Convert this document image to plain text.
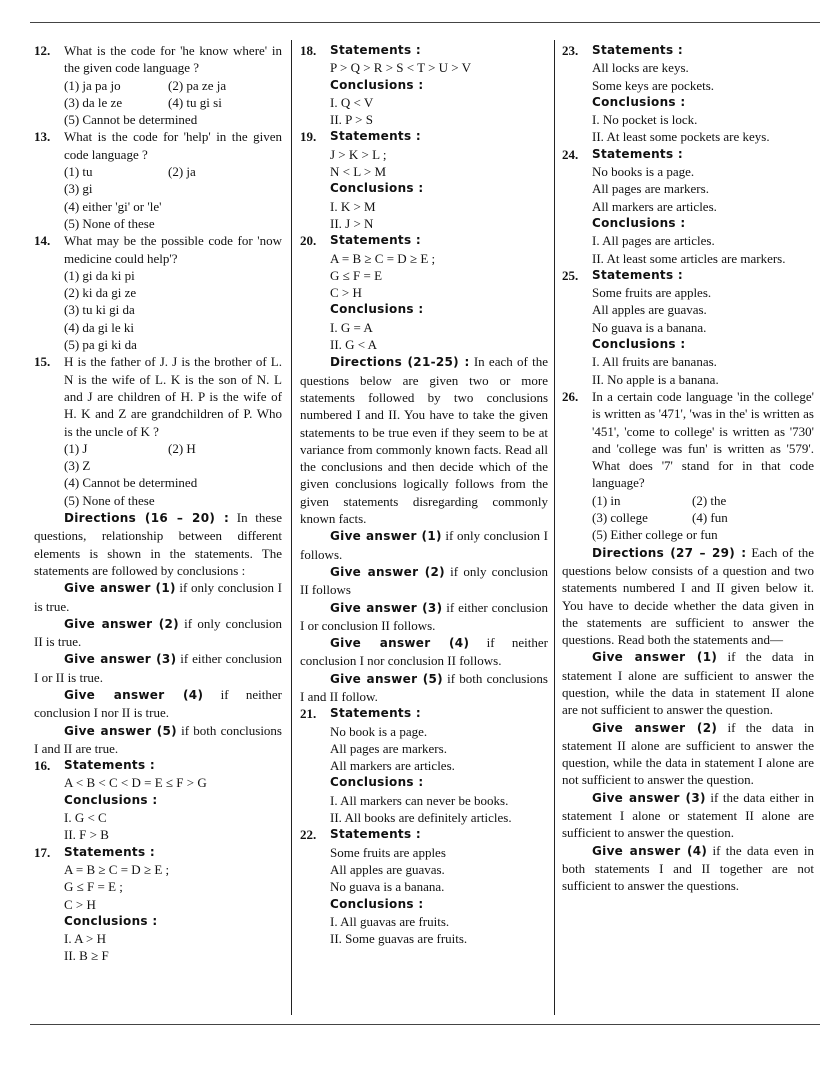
12.	What is the code for 'he know where' in the given code language ?
(1) ja pa jo	(2) pa ze ja
(3) da le ze	(4) tu gi si
(5) Cannot be determined
13.	What is the code for 'help' in the given code language ?
(1) tu	(2) ja
(3) gi
(4) either 'gi' or 'le'
(5) None of these
14.	What may be the possible code for 'now medicine could help'?
(1) gi da ki pi
(2) ki da gi ze
(3) tu ki gi da
(4) da gi le ki
(5) pa gi ki da
15.	H is the father of J. J is the brother of L. N is the wife of L. K is the son of N. L and J are children of H. P is the wife of H. K and Z are grandchildren of P. Who is the uncle of K ?
(1) J	(2) H
(3) Z
(4) Cannot be determined
(5) None of these
Directions (16 – 20) : In these questions, relationship between different elements is shown in the statements. The statements are followed by conclusions :
Give answer (1) if only conclusion I is true.
Give answer (2) if only conclusion II is true.
Give answer (3) if either conclusion I or II is true.
Give answer (4) if neither conclusion I nor II is true.
Give answer (5) if both conclusions I and II are true.
16.	Statements :
A < B < C < D = E ≤ F > G
Conclusions :
I. G < C
II. F > B
17.	Statements :
A = B ≥ C = D ≥ E ;
G ≤ F = E ;
C > H
Conclusions :
I. A > H
II. B ≥ F
18.	Statements :
P > Q > R > S < T > U > V
Conclusions :
I. Q < V
II. P > S
19.	Statements :
J > K > L ;
N < L > M
Conclusions :
I. K > M
II. J > N
20.	Statements :
A = B ≥ C = D ≥ E ;
G ≤ F = E
C > H
Conclusions :
I. G = A
II. G < A
Directions (21-25) : In each of the questions below are given two or more statements followed by two conclusions numbered I and II. You have to take the given statements to be true even if they seem to be at variance from commonly known facts. Read all the conclusions and then decide which of the given conclusions logically follows from the given statements disregarding commonly known facts.
Give answer (1) if only conclusion I follows.
Give answer (2) if only conclusion II follows
Give answer (3) if either conclusion I or conclusion II follows.
Give answer (4) if neither conclusion I nor conclusion II follows.
Give answer (5) if both conclusions I and II follow.
21.	Statements :
No book is a page.
All pages are markers.
All markers are articles.
Conclusions :
I. All markers can never be books.
II. All books are definitely articles.
22.	Statements :
Some fruits are apples
All apples are guavas.
No guava is a banana.
Conclusions :
I. All guavas are fruits.
II. Some guavas are fruits.
23.	Statements :
All locks are keys.
Some keys are pockets.
Conclusions :
I. No pocket is lock.
II. At least some pockets are keys.
24.	Statements :
No books is a page.
All pages are markers.
All markers are articles.
Conclusions :
I. All pages are articles.
II. At least some articles are markers.
25.	Statements :
Some fruits are apples.
All apples are guavas.
No guava is a banana.
Conclusions :
I. All fruits are bananas.
II. No apple is a banana.
26.	In a certain code language 'in the college' is written as '471', 'was in the' is written as '451', 'come to college' is written as '730' and 'college was fun' is written as '579'. What does '7' stand for in that code language?
(1) in	(2) the
(3) college	(4) fun
(5) Either college or fun
Directions (27 – 29) : Each of the questions below consists of a question and two statements numbered I and II given below it. You have to decide whether the data given in the statements are sufficient to answer the questions. Read both the statements and—
Give answer (1) if the data in statement I alone are sufficient to answer the question, while the data in statement II alone are not sufficient to answer the question.
Give answer (2) if the data in statement II alone are sufficient to answer the question, while the data in statement I alone are not sufficient to answer the question.
Give answer (3) if the data either in statement I alone or statement II alone are sufficient to answer the question.
Give answer (4) if the data even in both statements I and II together are not sufficient to answer the questions.
